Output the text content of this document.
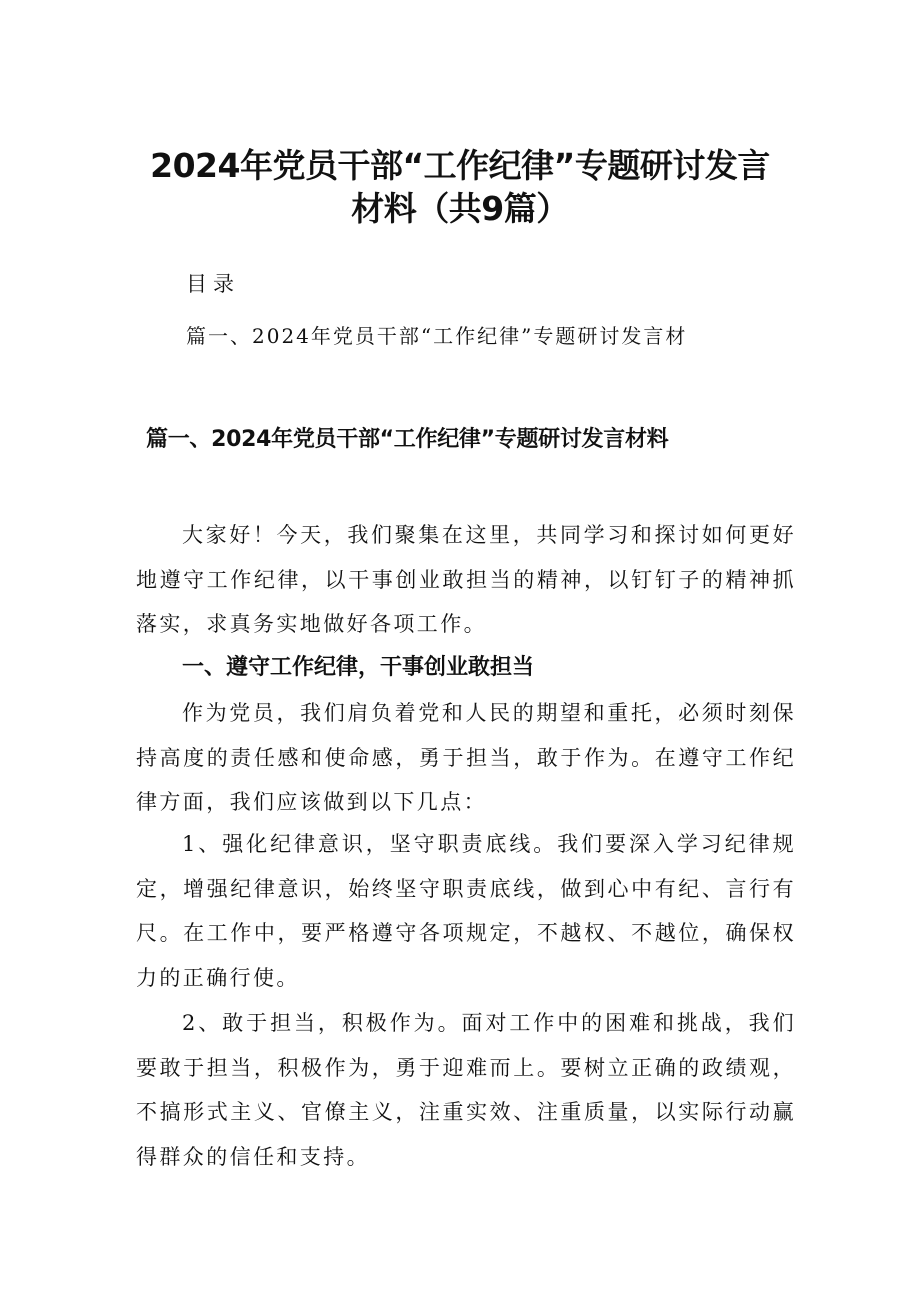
2024年党员干部“工作纪律”专题研讨发言
材料（共9篇）

目录

篇一、2024年党员干部“工作纪律”专题研讨发言材

篇一、2024年党员干部“工作纪律”专题研讨发言材料

大家好！今天，我们聚集在这里，共同学习和探讨如何更好地遵守工作纪律，以干事创业敢担当的精神，以钉钉子的精神抓落实，求真务实地做好各项工作。

一、遵守工作纪律，干事创业敢担当

作为党员，我们肩负着党和人民的期望和重托，必须时刻保持高度的责任感和使命感，勇于担当，敢于作为。在遵守工作纪律方面，我们应该做到以下几点：

1、强化纪律意识，坚守职责底线。我们要深入学习纪律规定，增强纪律意识，始终坚守职责底线，做到心中有纪、言行有尺。在工作中，要严格遵守各项规定，不越权、不越位，确保权力的正确行使。

2、敢于担当，积极作为。面对工作中的困难和挑战，我们要敢于担当，积极作为，勇于迎难而上。要树立正确的政绩观，不搞形式主义、官僚主义，注重实效、注重质量，以实际行动赢得群众的信任和支持。
